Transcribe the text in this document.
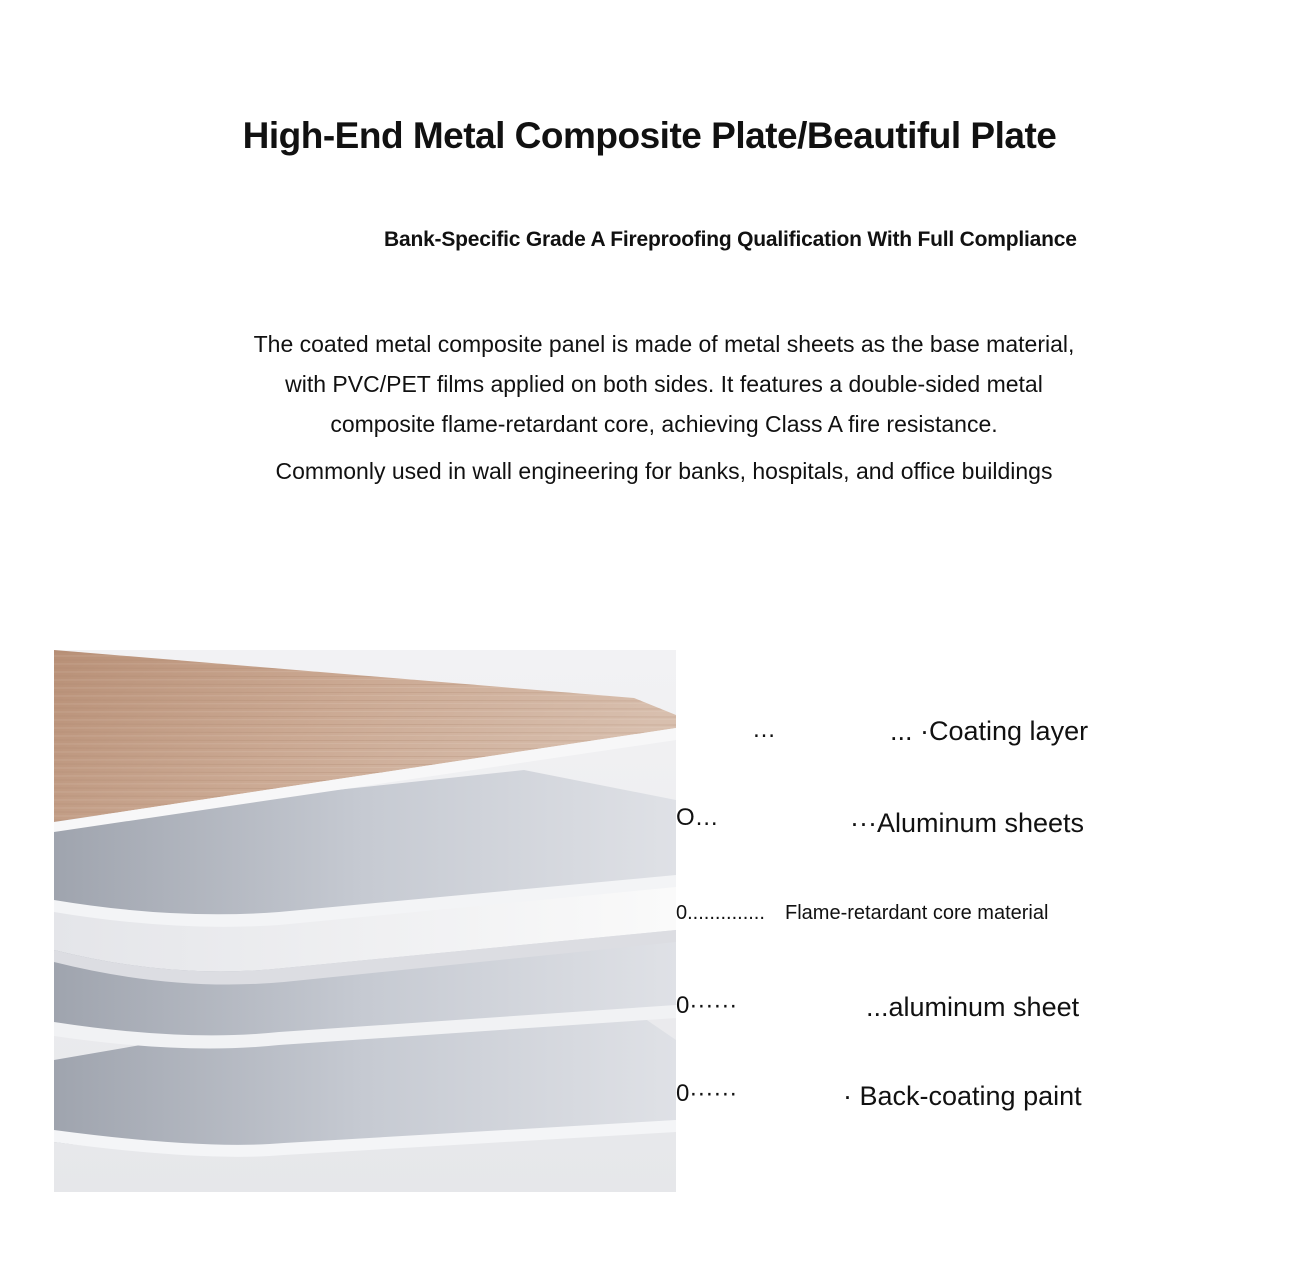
High-End Metal Composite Plate/Beautiful Plate
Bank-Specific Grade A Fireproofing Qualification With Full Compliance
The coated metal composite panel is made of metal sheets as the base material,
with PVC/PET films applied on both sides. It features a double-sided metal
composite flame-retardant core, achieving Class A fire resistance.
Commonly used in wall engineering for banks, hospitals, and office buildings
…	... ·Coating layer
O…	···Aluminum sheets
0.............. Flame-retardant core material
0······	...aluminum sheet
0······	· Back-coating paint
